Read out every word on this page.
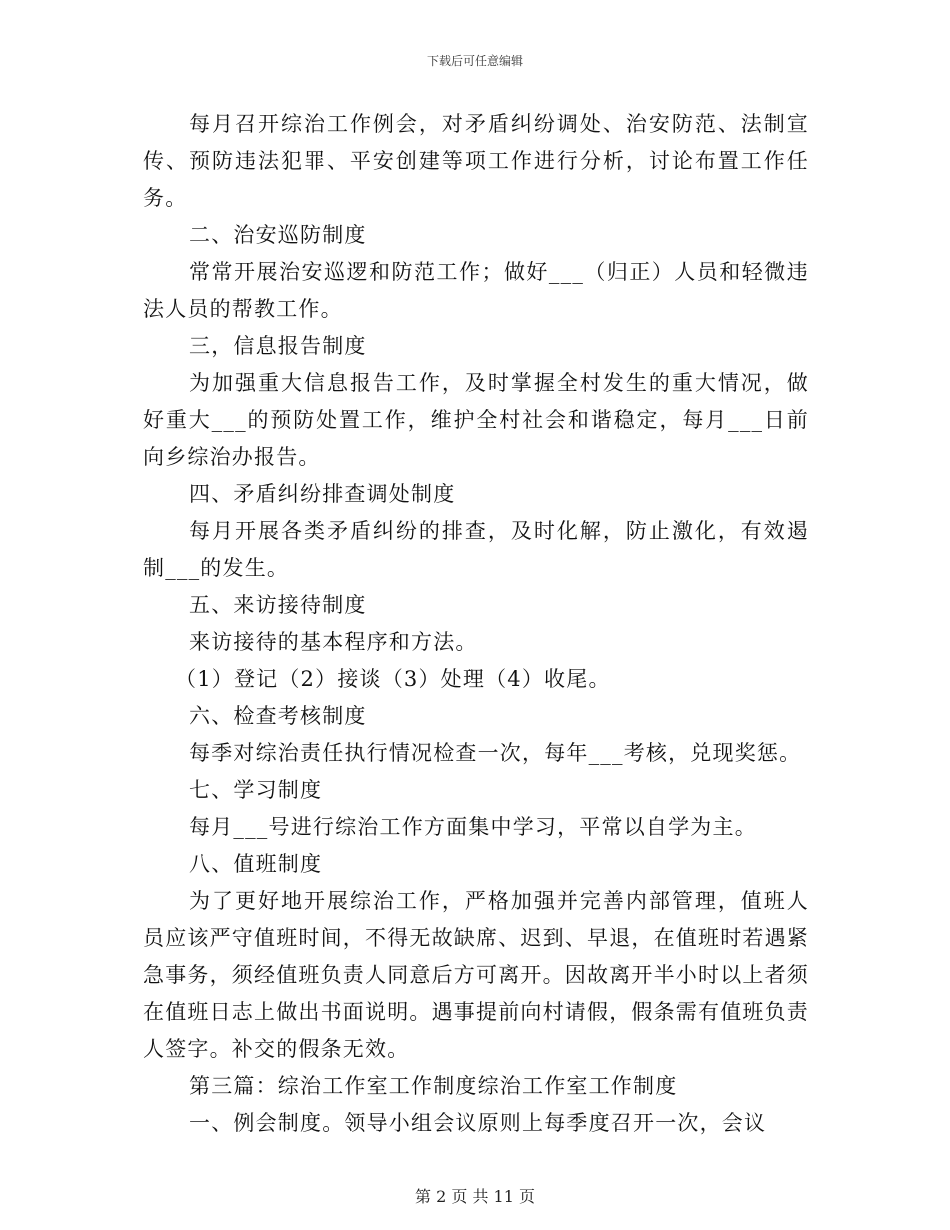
下载后可任意编辑

每月召开综治工作例会，对矛盾纠纷调处、治安防范、法制宣传、预防违法犯罪、平安创建等项工作进行分析，讨论布置工作任务。

二、治安巡防制度

常常开展治安巡逻和防范工作；做好___（归正）人员和轻微违法人员的帮教工作。

三，信息报告制度

为加强重大信息报告工作，及时掌握全村发生的重大情况，做好重大___的预防处置工作，维护全村社会和谐稳定，每月___日前向乡综治办报告。

四、矛盾纠纷排查调处制度

每月开展各类矛盾纠纷的排查，及时化解，防止激化，有效遏制___的发生。

五、来访接待制度

来访接待的基本程序和方法。

（1）登记（2）接谈（3）处理（4）收尾。

六、检查考核制度

每季对综治责任执行情况检查一次，每年___考核，兑现奖惩。

七、学习制度

每月___号进行综治工作方面集中学习，平常以自学为主。

八、值班制度

为了更好地开展综治工作，严格加强并完善内部管理，值班人员应该严守值班时间，不得无故缺席、迟到、早退，在值班时若遇紧急事务，须经值班负责人同意后方可离开。因故离开半小时以上者须在值班日志上做出书面说明。遇事提前向村请假，假条需有值班负责人签字。补交的假条无效。

第三篇：综治工作室工作制度综治工作室工作制度

一、例会制度。领导小组会议原则上每季度召开一次，会议

第 2 页 共 11 页
